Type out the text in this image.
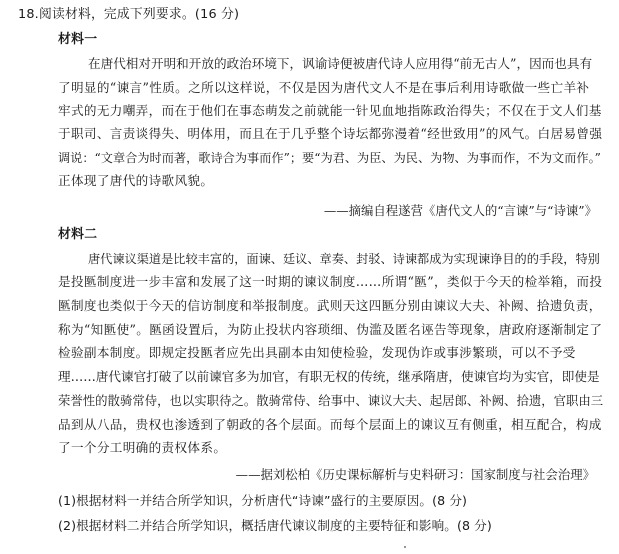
18.阅读材料，完成下列要求。(16 分)
材料一
在唐代相对开明和开放的政治环境下，讽谕诗便被唐代诗人应用得“前无古人”，因而也具有
了明显的“谏言”性质。之所以这样说，不仅是因为唐代文人不是在事后利用诗歌做一些亡羊补
牢式的无力嘲弄，而在于他们在事态萌发之前就能一针见血地指陈政治得失；不仅在于文人们基
于职司、言责谈得失、明体用，而且在于几乎整个诗坛都弥漫着“经世致用”的风气。白居易曾强
调说：“文章合为时而著，歌诗合为事而作”；要“为君、为臣、为民、为物、为事而作，不为文而作。”
正体现了唐代的诗歌风貌。
——摘编自程遂营《唐代文人的“言谏”与“诗谏”》
材料二
唐代谏议渠道是比较丰富的，面谏、廷议、章奏、封驳、诗谏都成为实现谏诤目的的手段，特别
是投匦制度进一步丰富和发展了这一时期的谏议制度……所谓“匦”，类似于今天的检举箱，而投
匦制度也类似于今天的信访制度和举报制度。武则天这四匦分别由谏议大夫、补阙、拾遗负责，
称为“知匦使”。匦函设置后，为防止投状内容琐细、伪滥及匿名诬告等现象，唐政府逐渐制定了
检验副本制度。即规定投匦者应先出具副本由知使检验，发现伪诈或事涉繁琐，可以不予受
理……唐代谏官打破了以前谏官多为加官，有职无权的传统，继承隋唐，使谏官均为实官，即使是
荣誉性的散骑常侍，也以实职待之。散骑常侍、给事中、谏议大夫、起居郎、补阙、拾遗，官职由三
品到从八品，贵权也渗透到了朝政的各个层面。而每个层面上的谏议互有侧重，相互配合，构成
了一个分工明确的责权体系。
——据刘松柏《历史课标解析与史料研习：国家制度与社会治理》
(1)根据材料一并结合所学知识，分析唐代“诗谏”盛行的主要原因。(8 分)
(2)根据材料二并结合所学知识，概括唐代谏议制度的主要特征和影响。(8 分)
